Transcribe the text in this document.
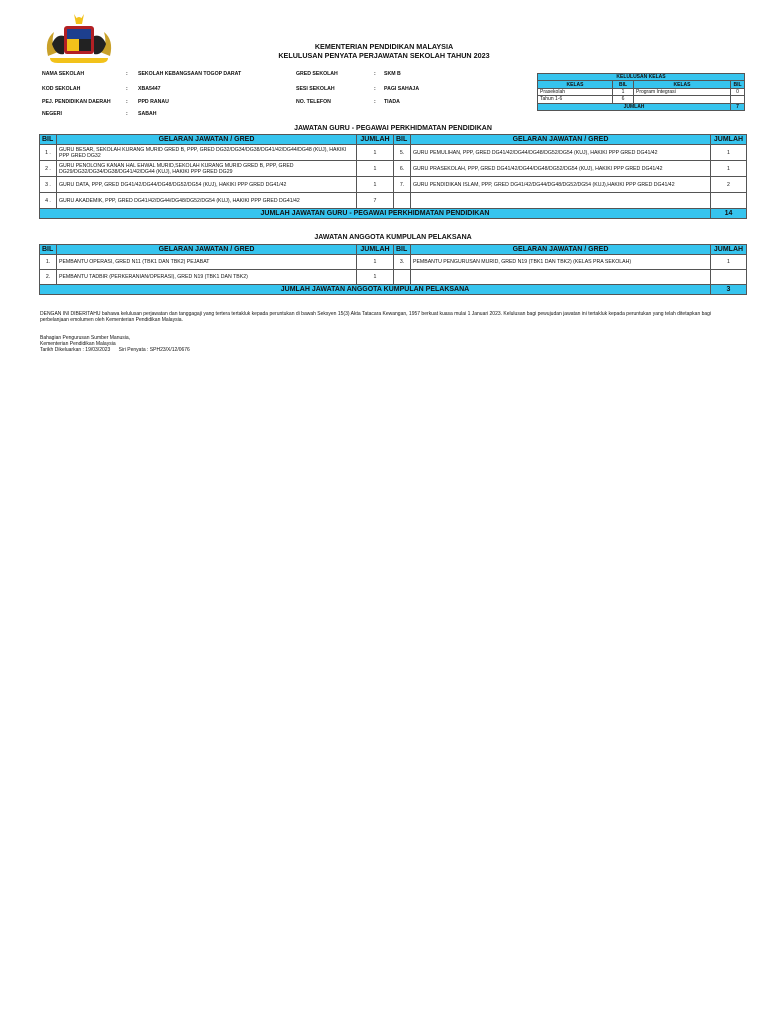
KEMENTERIAN PENDIDIKAN MALAYSIA
KELULUSAN PENYATA PERJAWATAN SEKOLAH TAHUN 2023
NAMA SEKOLAH	: SEKOLAH KEBANGSAAN TOGOP DARAT	GRED SEKOLAH	: SKM B
KOD SEKOLAH	: XBA5447	SESI SEKOLAH	: PAGI SAHAJA
PEJ. PENDIDIKAN DAERAH	: PPD RANAU	NO. TELEFON	: TIADA
NEGERI	: SABAH
KELULUSAN KELAS			
KELAS	BIL	KELAS	BIL
Prasekolah	1	Program Integrasi	0
Tahun 1-6	6		
JUMLAH			7
JAWATAN GURU - PEGAWAI PERKHIDMATAN PENDIDIKAN
BIL	GELARAN JAWATAN / GRED	JUMLAH	BIL	GELARAN JAWATAN / GRED	JUMLAH
1 .	GURU BESAR, SEKOLAH KURANG MURID GRED B, PPP, GRED DG32/DG34/DG38/DG41/42/DG44/DG48 (KUJ), HAKIKI PPP GRED DG32	1	5.	GURU PEMULIHAN, PPP, GRED DG41/42/DG44/DG48/DG52/DG54 (KUJ), HAKIKI PPP GRED DG41/42	1
2 .	GURU PENOLONG KANAN HAL EHWAL MURID,SEKOLAH KURANG MURID GRED B, PPP, GRED DG29/DG32/DG34/DG38/DG41/42/DG44 (KUJ), HAKIKI PPP GRED DG29	1	6.	GURU PRASEKOLAH, PPP, GRED DG41/42/DG44/DG48/DG52/DG54 (KUJ), HAKIKI PPP GRED DG41/42	1
3 .	GURU DATA, PPP, GRED DG41/42/DG44/DG48/DG52/DG54 (KUJ), HAKIKI PPP GRED DG41/42	1	7.	GURU PENDIDIKAN ISLAM, PPP, GRED DG41/42/DG44/DG48/DG52/DG54 (KUJ),HAKIKI PPP GRED DG41/42	2
4 .	GURU AKADEMIK, PPP, GRED DG41/42/DG44/DG48/DG52/DG54 (KUJ), HAKIKI PPP GRED DG41/42	7			
JUMLAH JAWATAN GURU - PEGAWAI PERKHIDMATAN PENDIDIKAN					14
JAWATAN ANGGOTA KUMPULAN PELAKSANA
BIL	GELARAN JAWATAN / GRED	JUMLAH	BIL	GELARAN JAWATAN / GRED	JUMLAH
1.	PEMBANTU OPERASI, GRED N11 (TBK1 DAN TBK2) PEJABAT	1	3.	PEMBANTU PENGURUSAN MURID, GRED N19 (TBK1 DAN TBK2) (KELAS PRA SEKOLAH)	1
2.	PEMBANTU TADBIR (PERKERANIAN/OPERASI), GRED N19 (TBK1 DAN TBK2)	1			
JUMLAH JAWATAN ANGGOTA KUMPULAN PELAKSANA					3
DENGAN INI DIBERITAHU bahawa kelulusan perjawatan dan tanggagaji yang tertera tertakluk kepada peruntukan di bawah Seksyen 15(3) Akta Tatacara Kewangan, 1957 berkuat kuasa mulai 1 Januari 2023. Kelulusan bagi pewujudan jawatan ini tertakluk kepada peruntukan yang telah ditetapkan bagi perbelanjaan emolumen oleh Kementerian Pendidikan Malaysia.
Bahagian Pengurusan Sumber Manusia,
Kementerian Pendidikan Malaysia
Tarikh Dikeluarkan : 19/03/2023 Siri Penyata : SPH23/X/12/0676
